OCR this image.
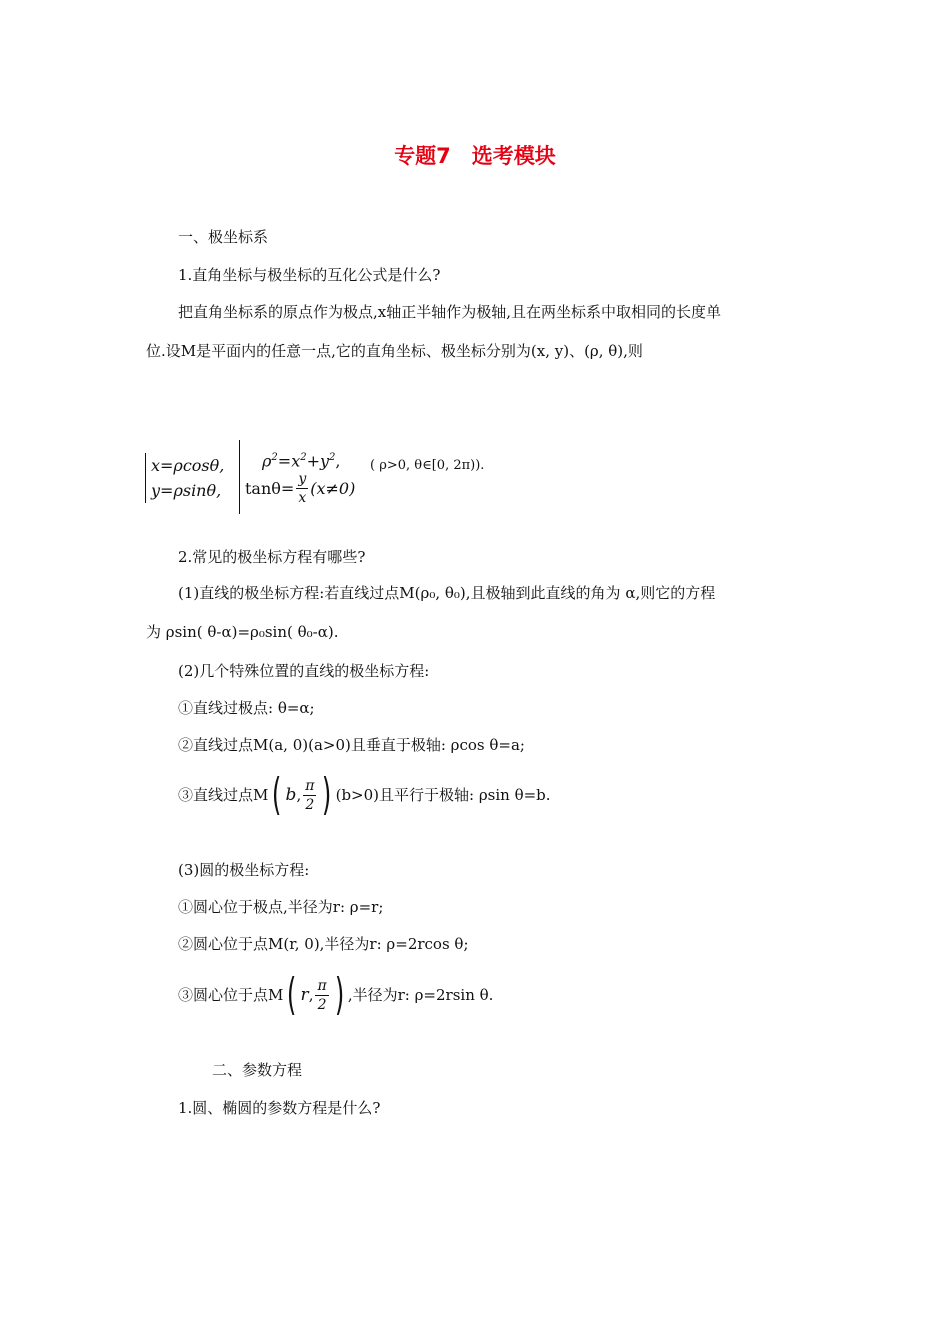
专题7　选考模块
一、极坐标系
1.直角坐标与极坐标的互化公式是什么?
把直角坐标系的原点作为极点,x轴正半轴作为极轴,且在两坐标系中取相同的长度单
位.设M是平面内的任意一点,它的直角坐标、极坐标分别为(x, y)、(ρ, θ),则
x=ρcosθ,
y=ρsinθ,
$\rho^2=x^2+y^2$,
$\tan\theta= \frac{y}{x} (x\ne 0)$
( ρ>0, θ∈[0, 2π)).
2.常见的极坐标方程有哪些?
(1)直线的极坐标方程:若直线过点M(ρ₀, θ₀),且极轴到此直线的角为 α,则它的方程
为 ρsin( θ-α)=ρ₀sin( θ₀-α).
(2)几个特殊位置的直线的极坐标方程:
①直线过极点: θ=α;
②直线过点M(a, 0)(a>0)且垂直于极轴: ρcos θ=a;
③直线过点M ( b , $\frac{\pi}{2}$ ) (b>0)且平行于极轴: ρsin θ=b.
(3)圆的极坐标方程:
①圆心位于极点,半径为r: ρ=r;
②圆心位于点M(r, 0),半径为r: ρ=2rcos θ;
③圆心位于点M ( r , $\frac{\pi}{2}$ ) ,半径为r: ρ=2rsin θ.
二、参数方程
1.圆、椭圆的参数方程是什么?
